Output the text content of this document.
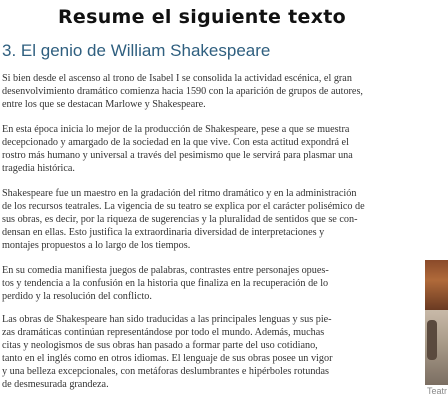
Resume el siguiente texto
3. El genio de William Shakespeare

Si bien desde el ascenso al trono de Isabel I se consolida la actividad escénica, el gran
desenvolvimiento dramático comienza hacia 1590 con la aparición de grupos de autores,
entre los que se destacan Marlowe y Shakespeare.

En esta época inicia lo mejor de la producción de Shakespeare, pese a que se muestra
decepcionado y amargado de la sociedad en la que vive. Con esta actitud expondrá el
rostro más humano y universal a través del pesimismo que le servirá para plasmar una
tragedia histórica.

Shakespeare fue un maestro en la gradación del ritmo dramático y en la administración
de los recursos teatrales. La vigencia de su teatro se explica por el carácter polisémico de
sus obras, es decir, por la riqueza de sugerencias y la pluralidad de sentidos que se con-
densan en ellas. Esto justifica la extraordinaria diversidad de interpretaciones y
montajes propuestos a lo largo de los tiempos.

En su comedia manifiesta juegos de palabras, contrastes entre personajes opues-
tos y tendencia a la confusión en la historia que finaliza en la recuperación de lo
perdido y la resolución del conflicto.

Las obras de Shakespeare han sido traducidas a las principales lenguas y sus pie-
zas dramáticas continúan representándose por todo el mundo. Además, muchas
citas y neologismos de sus obras han pasado a formar parte del uso cotidiano,
tanto en el inglés como en otros idiomas. El lenguaje de sus obras posee un vigor
y una belleza excepcionales, con metáforas deslumbrantes e hipérboles rotundas
de desmesurada grandeza.

Teatr
